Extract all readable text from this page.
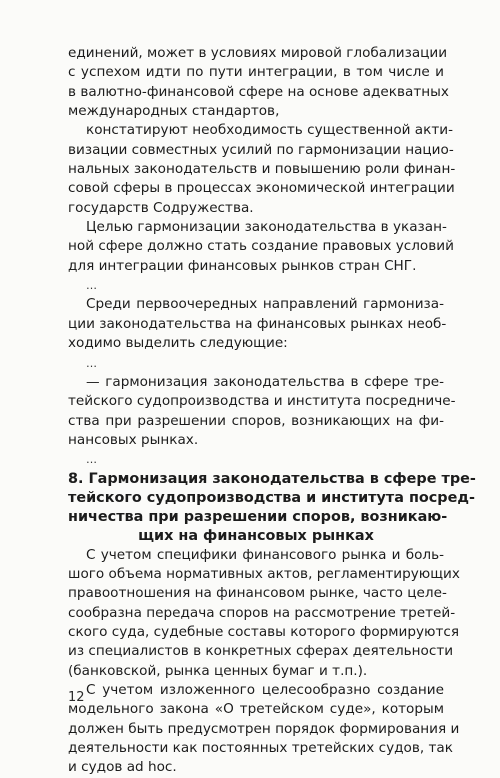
единений, может в условиях мировой глобализации
с успехом идти по пути интеграции, в том числе и
в валютно-финансовой сфере на основе адекватных
международных стандартов,
констатируют необходимость существенной акти-
визации совместных усилий по гармонизации нацио-
нальных законодательств и повышению роли финан-
совой сферы в процессах экономической интеграции
государств Содружества.
Целью гармонизации законодательства в указан-
ной сфере должно стать создание правовых условий
для интеграции финансовых рынков стран СНГ.
…
Среди первоочередных направлений гармониза-
ции законодательства на финансовых рынках необ-
ходимо выделить следующие:
…
— гармонизация законодательства в сфере тре-
тейского судопроизводства и института посредниче-
ства при разрешении споров, возникающих на фи-
нансовых рынках.
…
8. Гармонизация законодательства в сфере тре-
тейского судопроизводства и института посред-
ничества при разрешении споров, возникаю-
щих на финансовых рынках
С учетом специфики финансового рынка и боль-
шого объема нормативных актов, регламентирующих
правоотношения на финансовом рынке, часто целе-
сообразна передача споров на рассмотрение третей-
ского суда, судебные составы которого формируются
из специалистов в конкретных сферах деятельности
(банковской, рынка ценных бумаг и т.п.).
С учетом изложенного целесообразно создание
модельного закона «О третейском суде», которым
должен быть предусмотрен порядок формирования и
деятельности как постоянных третейских судов, так
и судов ad hoc.
12
